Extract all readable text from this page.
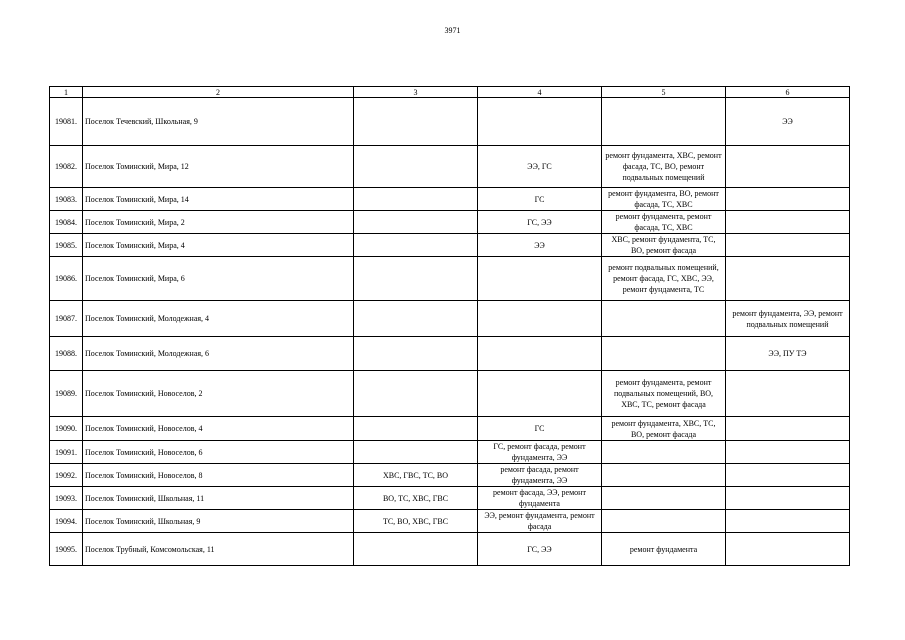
3971
1	2	3	4	5	6
19081.	Поселок Течевский, Школьная, 9				ЭЭ
19082.	Поселок Томинский, Мира, 12		ЭЭ, ГС	ремонт фундамента, ХВС, ремонт фасада, ТС, ВО, ремонт подвальных помещений	
19083.	Поселок Томинский, Мира, 14		ГС	ремонт фундамента, ВО, ремонт фасада, ТС, ХВС	
19084.	Поселок Томинский, Мира, 2		ГС, ЭЭ	ремонт фундамента, ремонт фасада, ТС, ХВС	
19085.	Поселок Томинский, Мира, 4		ЭЭ	ХВС, ремонт фундамента, ТС, ВО, ремонт фасада	
19086.	Поселок Томинский, Мира, 6			ремонт подвальных помещений, ремонт фасада, ГС, ХВС, ЭЭ, ремонт фундамента, ТС	
19087.	Поселок Томинский, Молодежная, 4				ремонт фундамента, ЭЭ, ремонт подвальных помещений
19088.	Поселок Томинский, Молодежная, 6				ЭЭ, ПУ ТЭ
19089.	Поселок Томинский, Новоселов, 2			ремонт фундамента, ремонт подвальных помещений, ВО, ХВС, ТС, ремонт фасада	
19090.	Поселок Томинский, Новоселов, 4		ГС	ремонт фундамента, ХВС, ТС, ВО, ремонт фасада	
19091.	Поселок Томинский, Новоселов, 6		ГС, ремонт фасада, ремонт фундамента, ЭЭ		
19092.	Поселок Томинский, Новоселов, 8	ХВС, ГВС, ТС, ВО	ремонт фасада, ремонт фундамента, ЭЭ		
19093.	Поселок Томинский, Школьная, 11	ВО, ТС, ХВС, ГВС	ремонт фасада, ЭЭ, ремонт фундамента		
19094.	Поселок Томинский, Школьная, 9	ТС, ВО, ХВС, ГВС	ЭЭ, ремонт фундамента, ремонт фасада		
19095.	Поселок Трубный, Комсомольская, 11		ГС, ЭЭ	ремонт фундамента	
